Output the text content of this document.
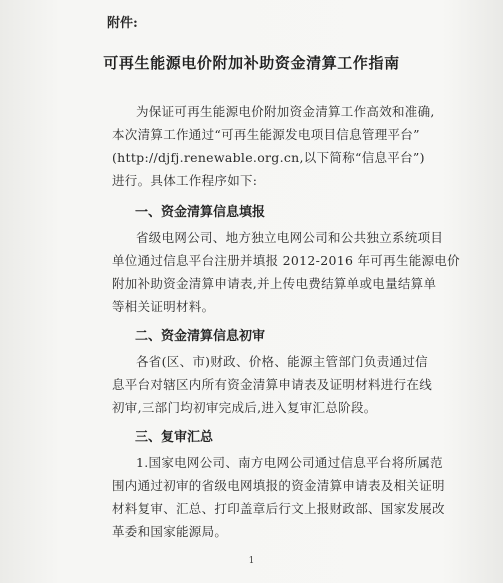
附件:
可再生能源电价附加补助资金清算工作指南
为保证可再生能源电价附加资金清算工作高效和准确,
本次清算工作通过“可再生能源发电项目信息管理平台”
(http://djfj.renewable.org.cn,以下简称“信息平台”)
进行。具体工作程序如下:
一、资金清算信息填报
省级电网公司、地方独立电网公司和公共独立系统项目
单位通过信息平台注册并填报 2012-2016 年可再生能源电价
附加补助资金清算申请表,并上传电费结算单或电量结算单
等相关证明材料。
二、资金清算信息初审
各省(区、市)财政、价格、能源主管部门负责通过信
息平台对辖区内所有资金清算申请表及证明材料进行在线
初审,三部门均初审完成后,进入复审汇总阶段。
三、复审汇总
1.国家电网公司、南方电网公司通过信息平台将所属范
围内通过初审的省级电网填报的资金清算申请表及相关证明
材料复审、汇总、打印盖章后行文上报财政部、国家发展改
革委和国家能源局。
1
